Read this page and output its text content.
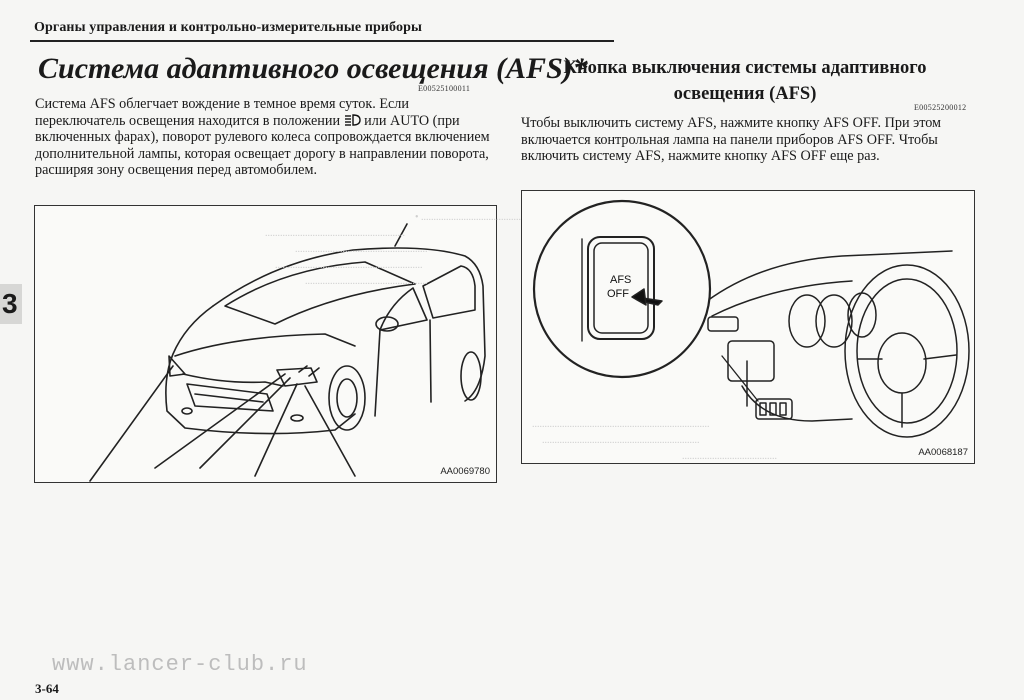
Органы управления и контрольно-измерительные приборы
3
Система адаптивного освещения (AFS)*
E00525100011
Система AFS облегчает вождение в темное время суток. Если переключатель освещения находится в положении  или AUTO (при включенных фарах), поворот рулевого колеса сопровождается включением дополнительной лампы, которая освещает дорогу в направлении поворота, расширяя зону освещения перед автомобилем.
• ........................................
........................................................
.....................................................
...........................................................
.................................................
AA0069780
Кнопка выключения системы адаптивного
освещения (AFS)
E00525200012
Чтобы выключить систему AFS, нажмите кнопку AFS OFF. При этом включается контрольная лампа на панели приборов AFS OFF. Чтобы включить систему AFS, нажмите кнопку AFS OFF еще раз.
.......................................................................
...............................................................
......................................
AFS
OFF
AA0068187
www.lancer-club.ru
3-64
